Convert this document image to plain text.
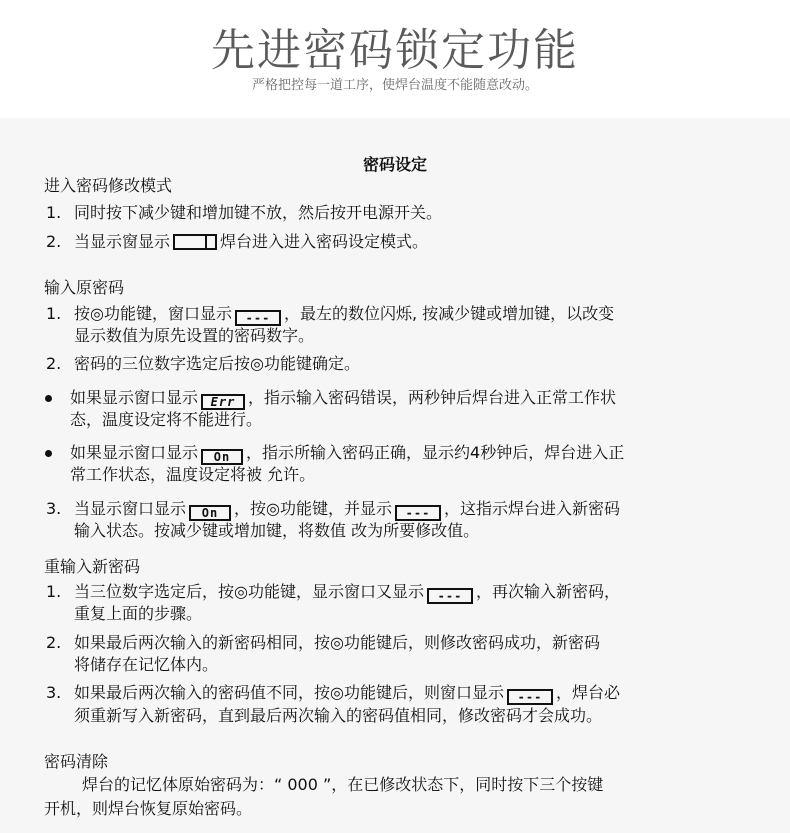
先进密码锁定功能
严格把控每一道工序，使焊台温度不能随意改动。
密码设定
进入密码修改模式
1. 同时按下减少键和增加键不放，然后按开电源开关。
2. 当显示窗显示	焊台进入进入密码设定模式。
输入原密码
1. 按◎功能键，窗口显示 --- ，最左的数位闪烁, 按减少键或增加键，以改变
显示数值为原先设置的密码数字。
2. 密码的三位数字选定后按◎功能键确定。
如果显示窗口显示 Err ，指示输入密码错误，两秒钟后焊台进入正常工作状
态，温度设定将不能进行。
如果显示窗口显示 On ，指示所输入密码正确，显示约4秒钟后，焊台进入正
常工作状态，温度设定将被 允许。
3. 当显示窗口显示 On ，按◎功能键，并显示 --- ，这指示焊台进入新密码
输入状态。按减少键或增加键，将数值 改为所要修改值。
重输入新密码
1. 当三位数字选定后，按◎功能键，显示窗口又显示 --- ，再次输入新密码，
重复上面的步骤。
2. 如果最后两次输入的新密码相同，按◎功能键后，则修改密码成功，新密码
将储存在记忆体内。
3. 如果最后两次输入的密码值不同，按◎功能键后，则窗口显示 --- ，焊台必
须重新写入新密码，直到最后两次输入的密码值相同，修改密码才会成功。
密码清除
焊台的记忆体原始密码为：“ 000 ”，在已修改状态下，同时按下三个按键
开机，则焊台恢复原始密码。
